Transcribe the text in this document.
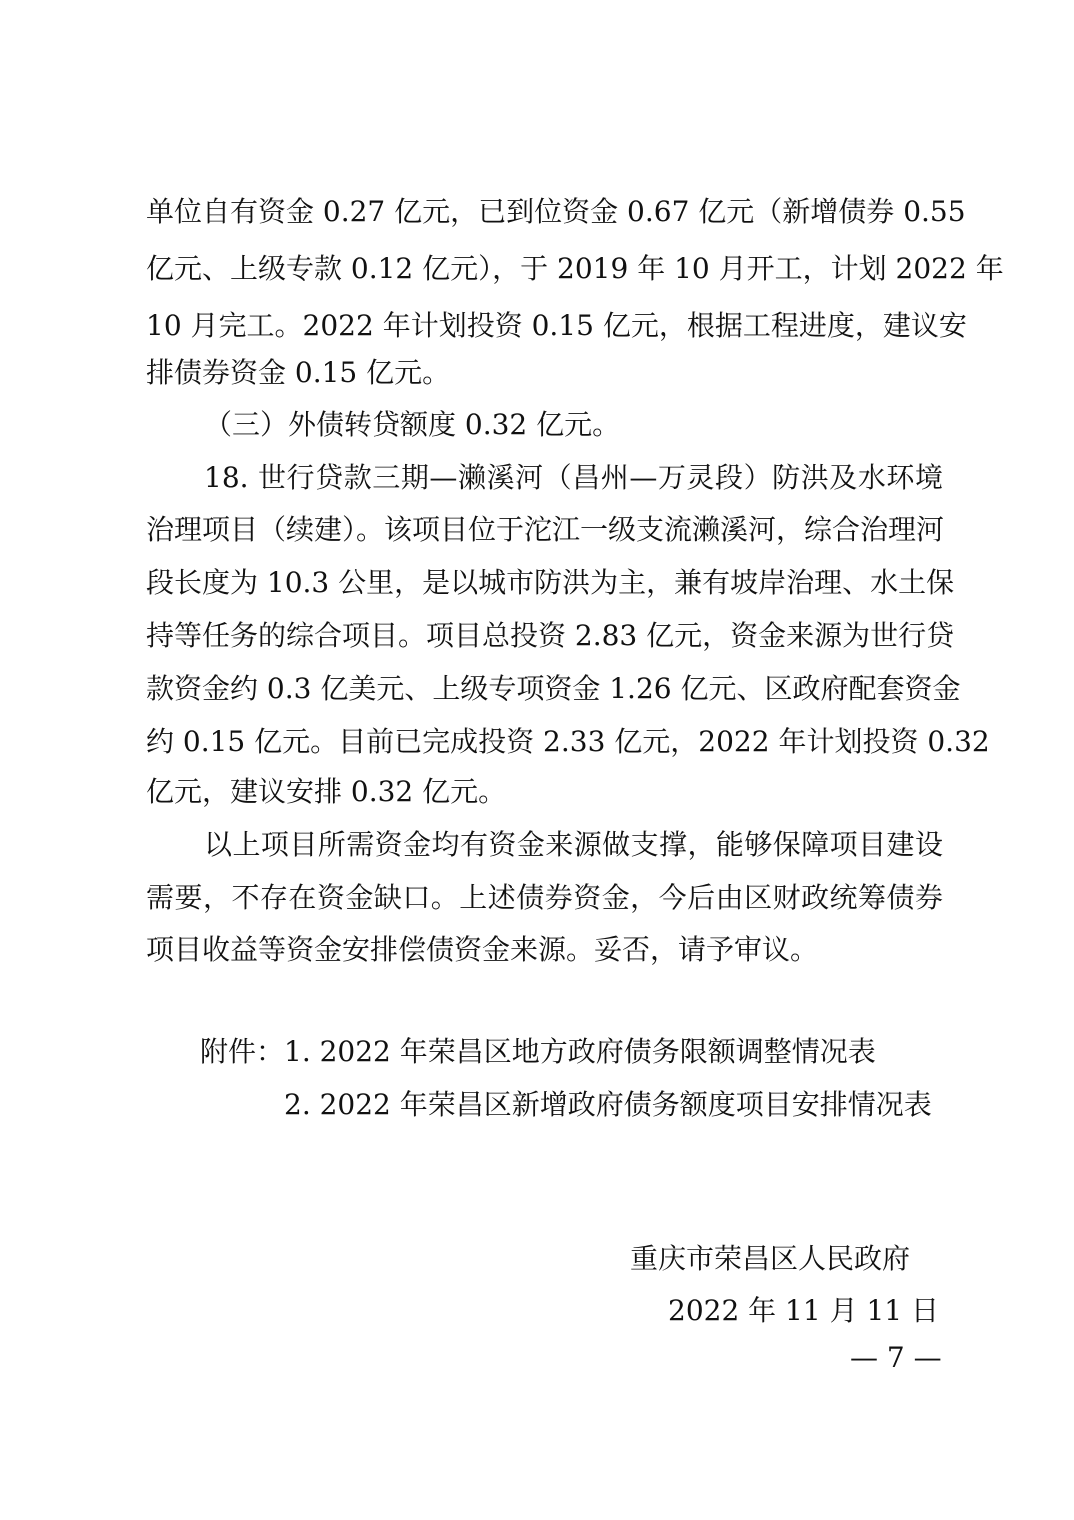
单位自有资金 0.27 亿元，已到位资金 0.67 亿元（新增债券 0.55
亿元、上级专款 0.12 亿元），于 2019 年 10 月开工，计划 2022 年
10 月完工。2022 年计划投资 0.15 亿元，根据工程进度，建议安
排债券资金 0.15 亿元。
（三）外债转贷额度 0.32 亿元。
18. 世行贷款三期—濑溪河（昌州—万灵段）防洪及水环境
治理项目（续建）。该项目位于沱江一级支流濑溪河，综合治理河
段长度为 10.3 公里，是以城市防洪为主，兼有坡岸治理、水土保
持等任务的综合项目。项目总投资 2.83 亿元，资金来源为世行贷
款资金约 0.3 亿美元、上级专项资金 1.26 亿元、区政府配套资金
约 0.15 亿元。目前已完成投资 2.33 亿元，2022 年计划投资 0.32
亿元，建议安排 0.32 亿元。
以上项目所需资金均有资金来源做支撑，能够保障项目建设
需要，不存在资金缺口。上述债券资金，今后由区财政统筹债券
项目收益等资金安排偿债资金来源。妥否，请予审议。
附件： 1. 2022 年荣昌区地方政府债务限额调整情况表
2. 2022 年荣昌区新增政府债务额度项目安排情况表
重庆市荣昌区人民政府
2022 年 11 月 11 日
— 7 —
